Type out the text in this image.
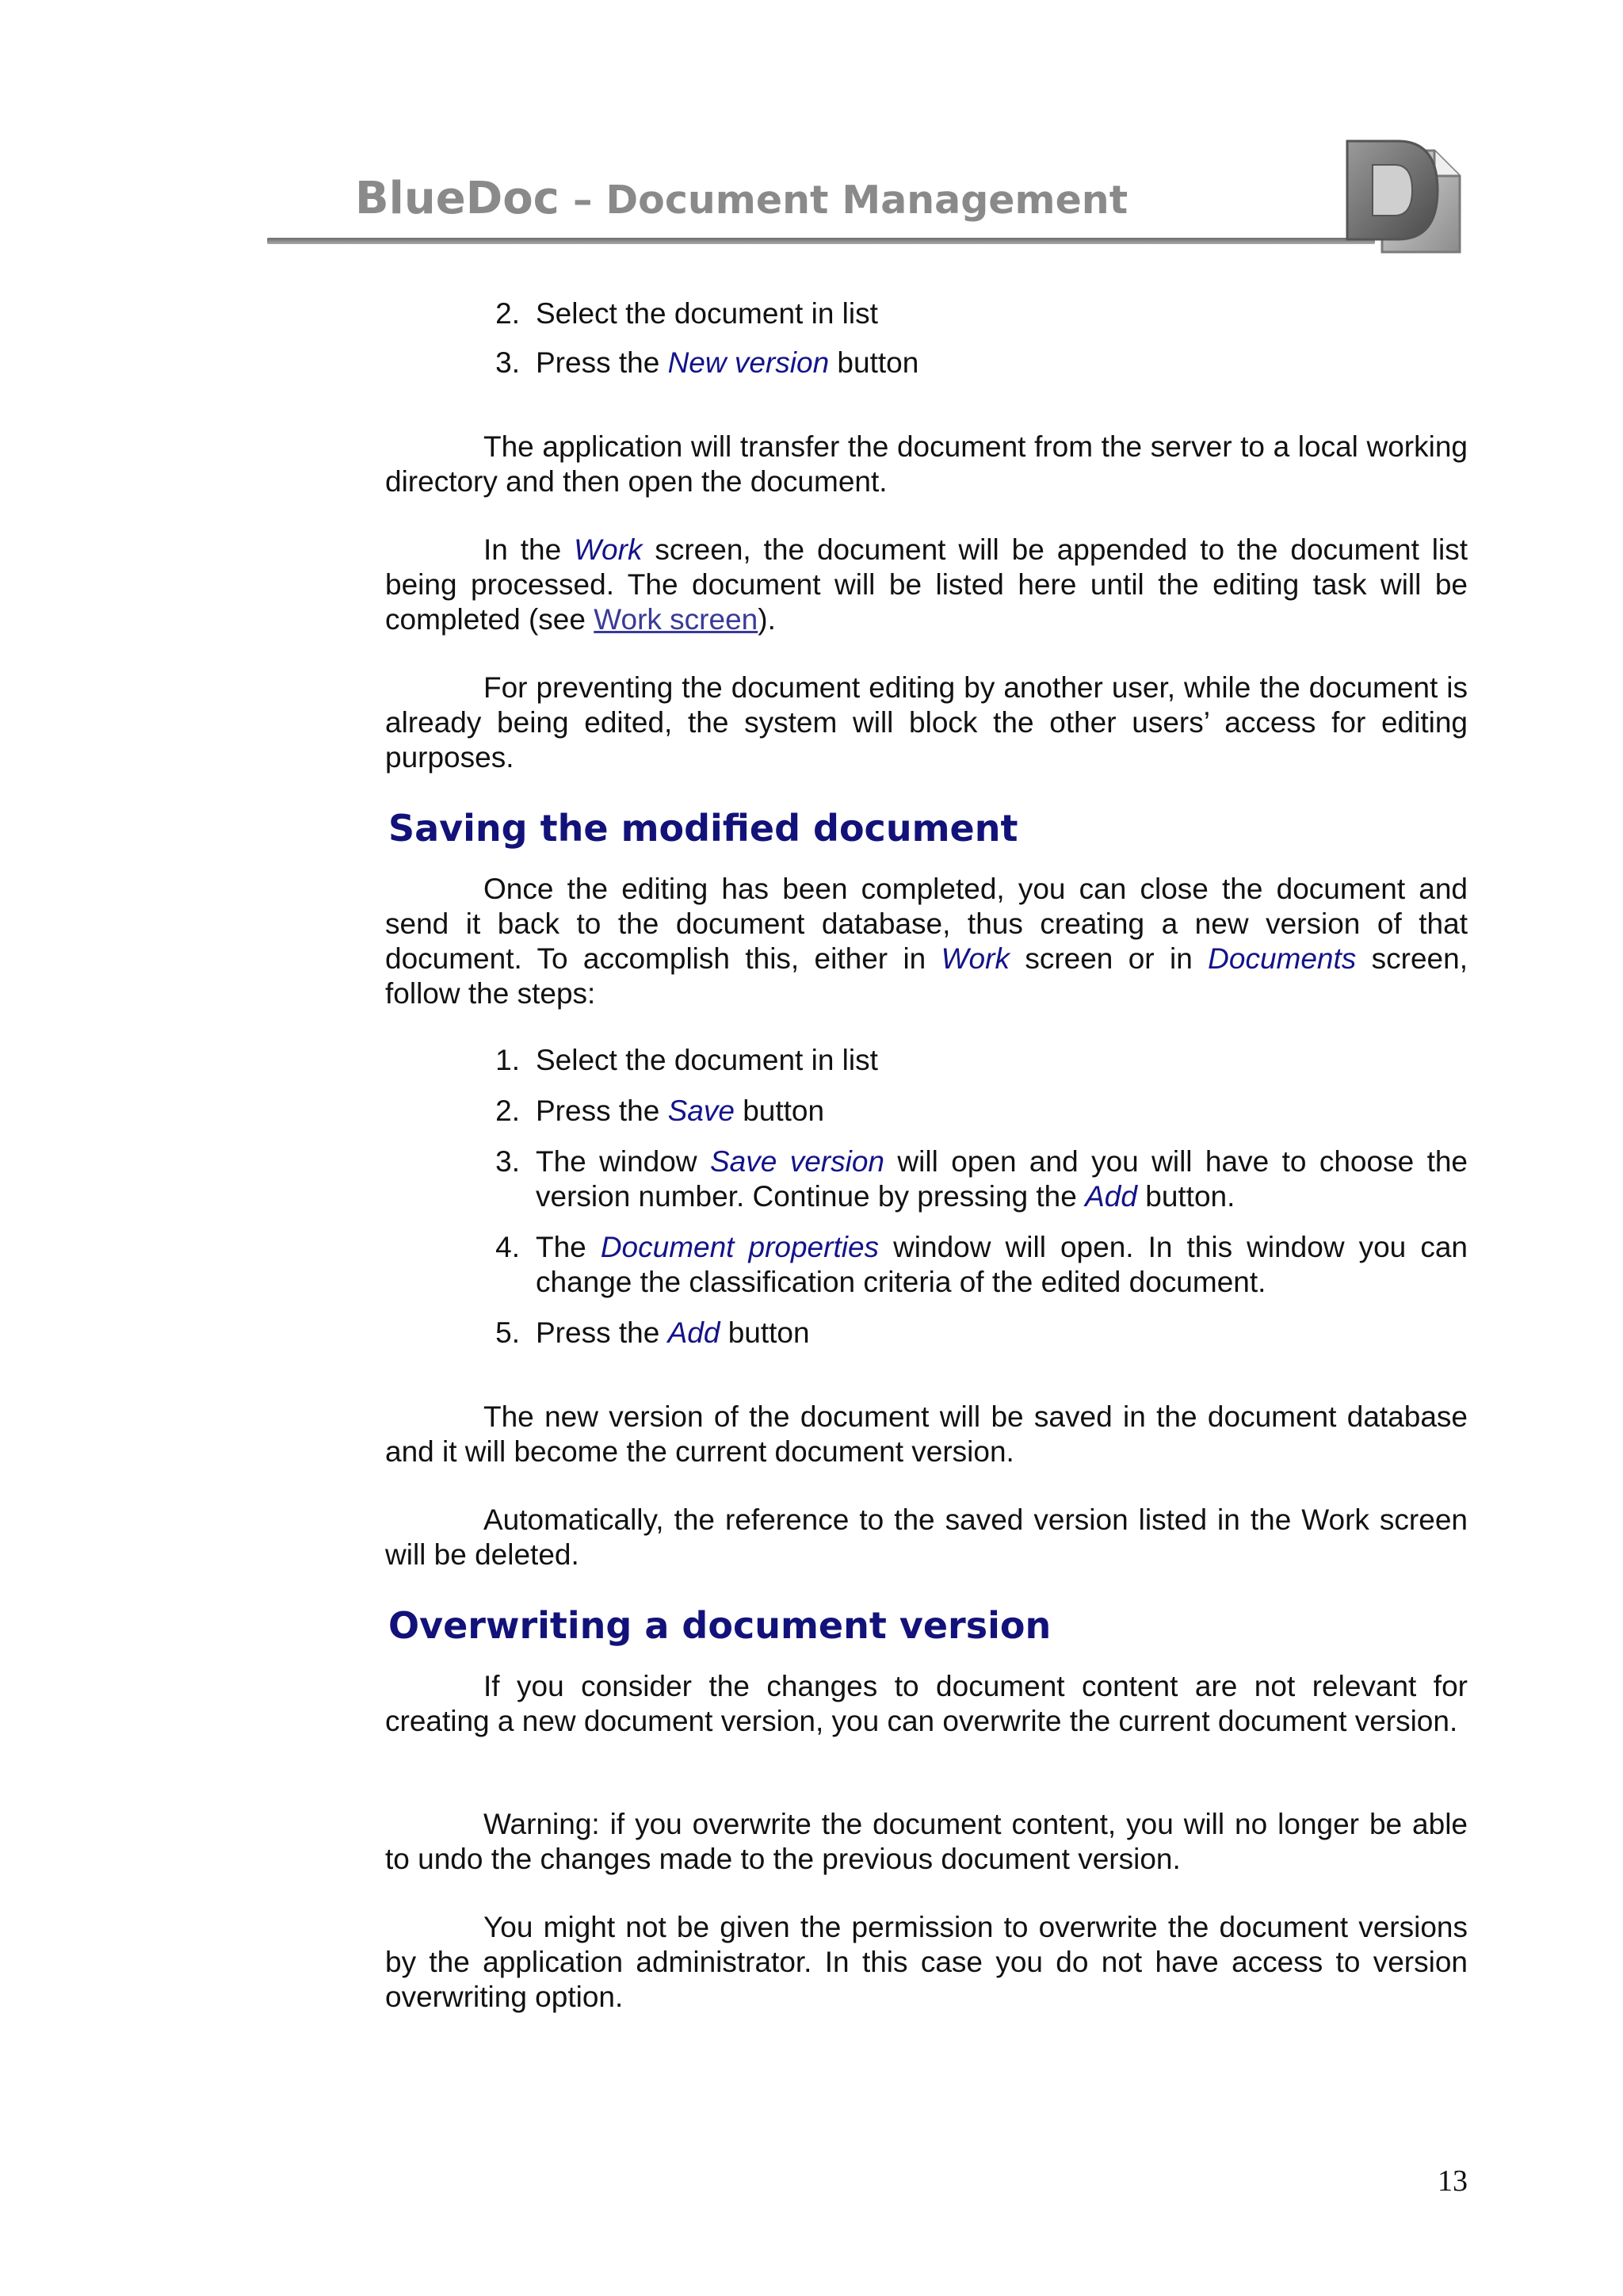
BlueDoc – Document Management
2. Select the document in list
3. Press the New version button

The application will transfer the document from the server to a local working directory and then open the document.

In the Work screen, the document will be appended to the document list being processed. The document will be listed here until the editing task will be completed (see Work screen).

For preventing the document editing by another user, while the document is already being edited, the system will block the other users’ access for editing purposes.

Saving the modified document

Once the editing has been completed, you can close the document and send it back to the document database, thus creating a new version of that document. To accomplish this, either in Work screen or in Documents screen, follow the steps:

1. Select the document in list
2. Press the Save button
3. The window Save version will open and you will have to choose the version number. Continue by pressing the Add button.
4. The Document properties window will open. In this window you can change the classification criteria of the edited document.
5. Press the Add button

The new version of the document will be saved in the document database and it will become the current document version.

Automatically, the reference to the saved version listed in the Work screen will be deleted.

Overwriting a document version

If you consider the changes to document content are not relevant for creating a new document version, you can overwrite the current document version.

Warning: if you overwrite the document content, you will no longer be able to undo the changes made to the previous document version.

You might not be given the permission to overwrite the document versions by the application administrator. In this case you do not have access to version overwriting option.

13
